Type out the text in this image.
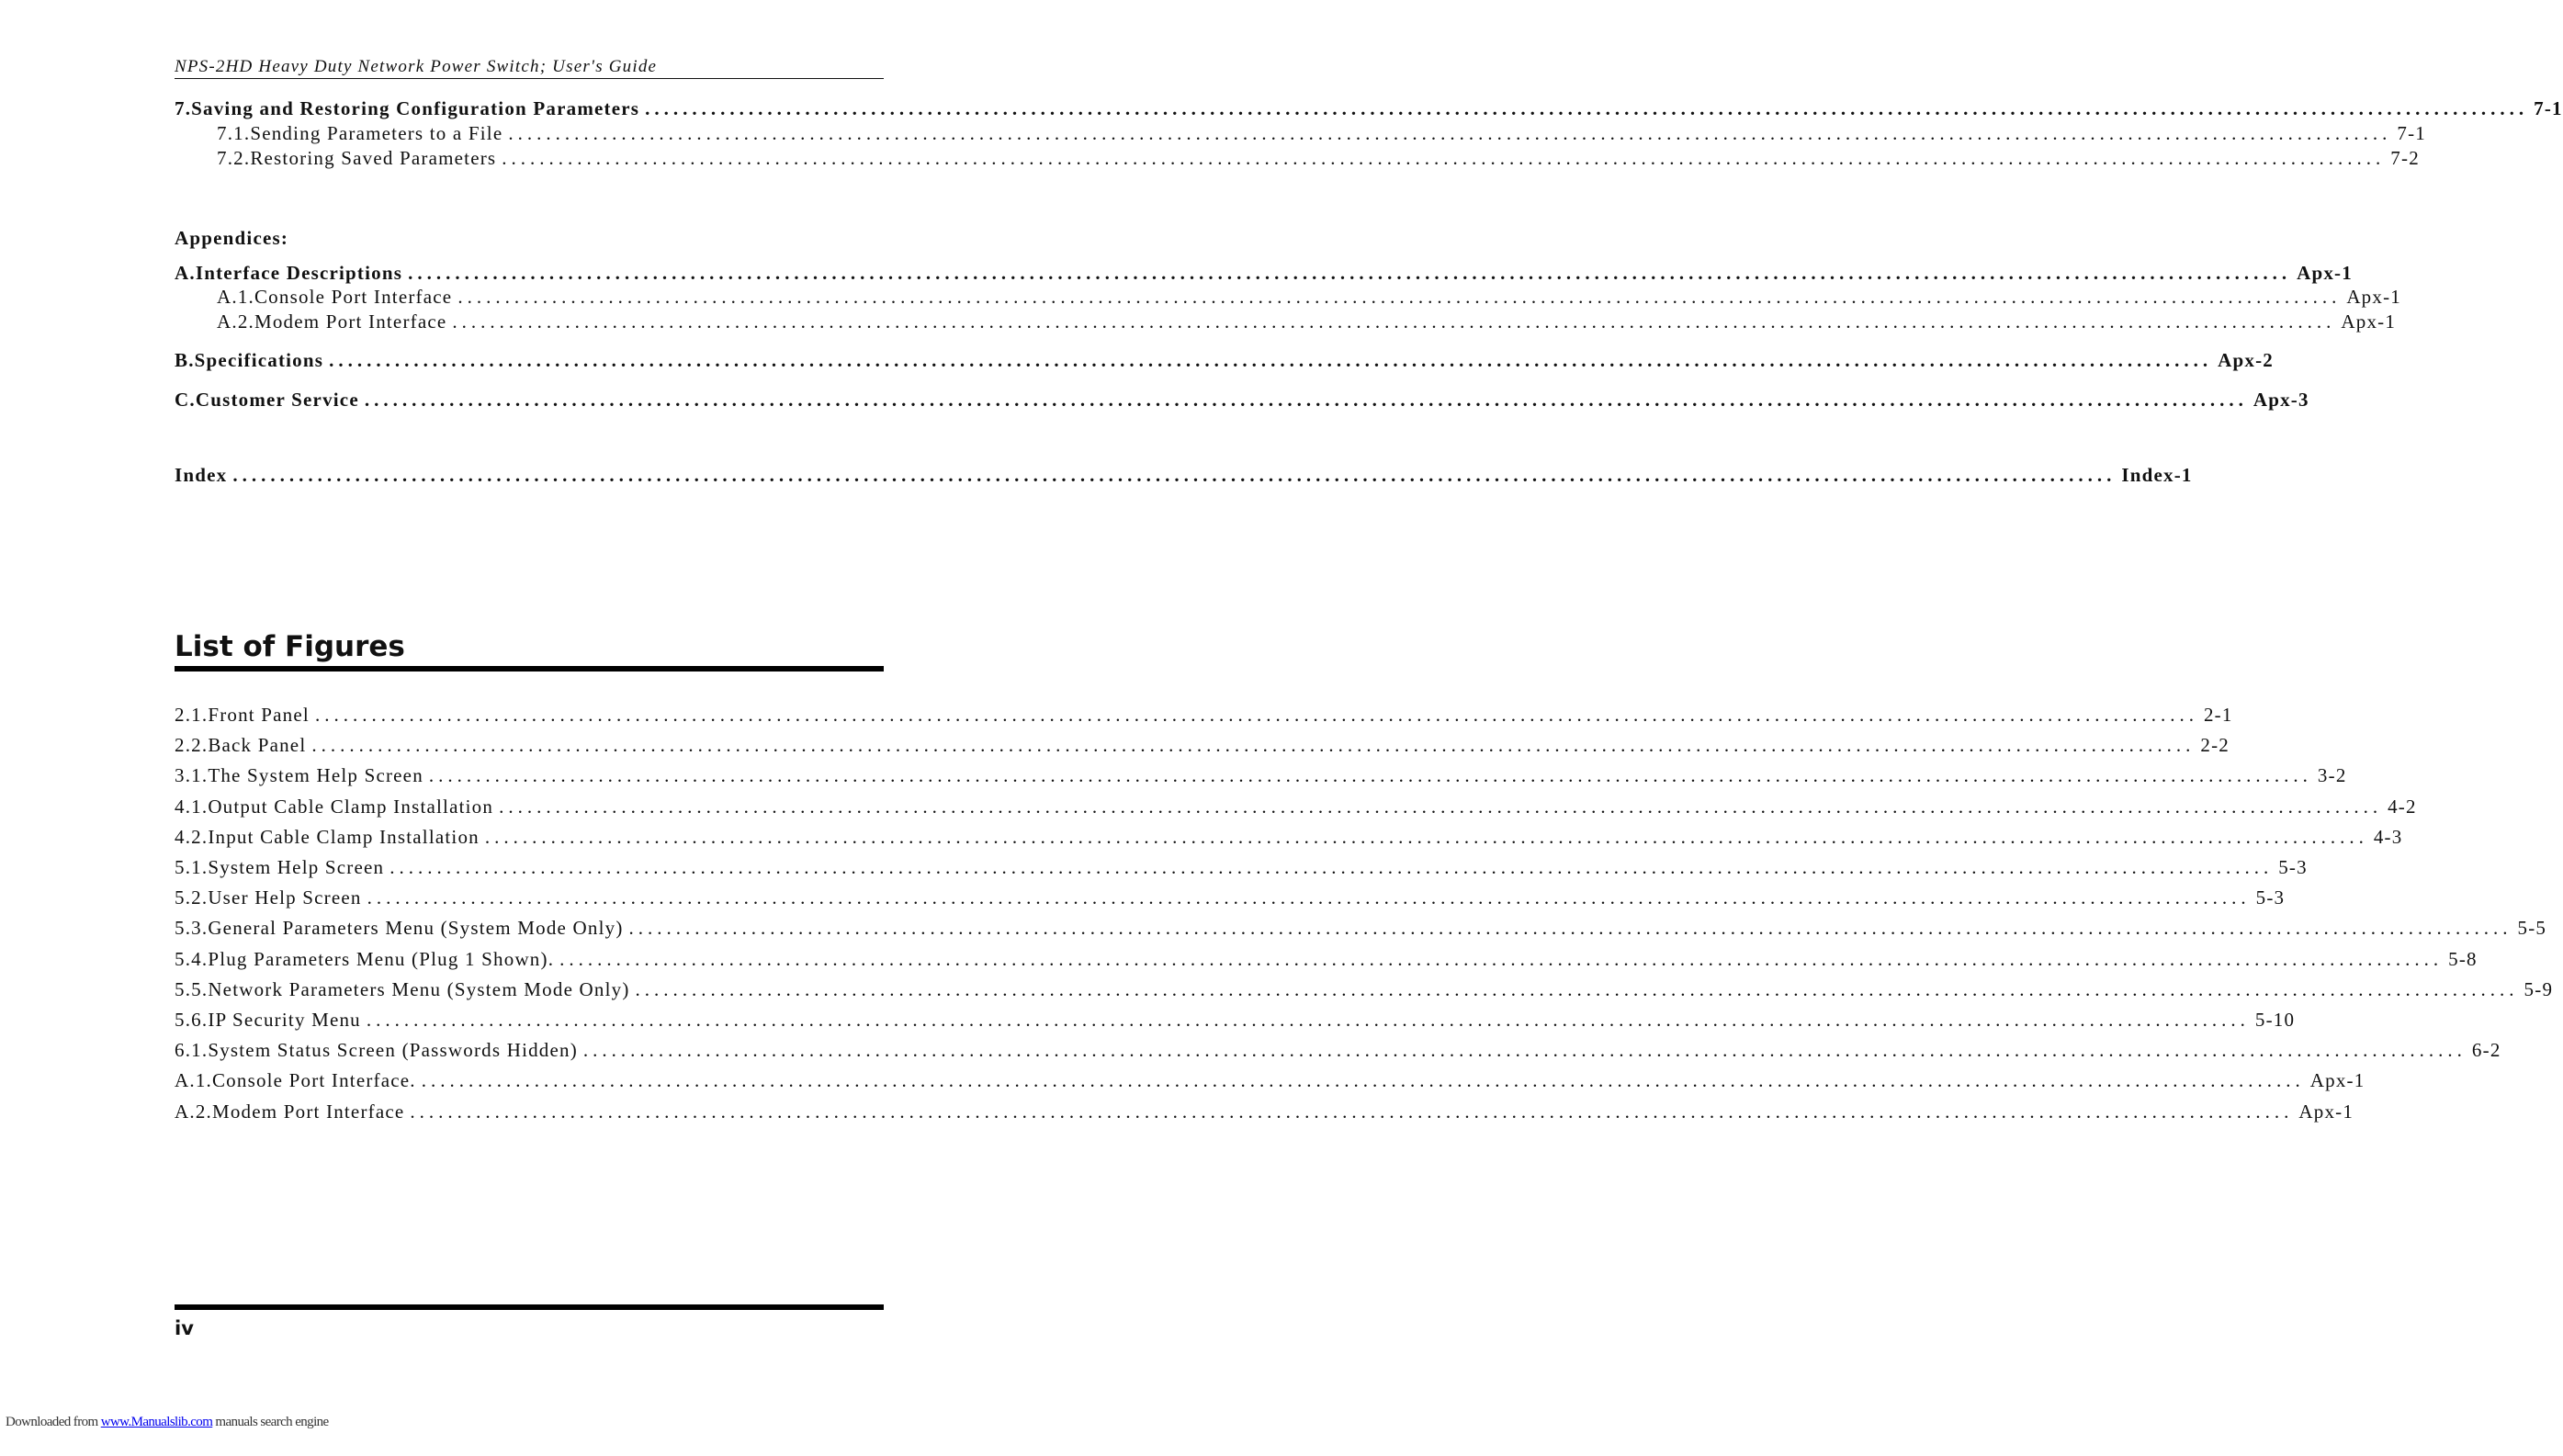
NPS-2HD Heavy Duty Network Power Switch; User's Guide
7. Saving and Restoring Configuration Parameters ........................................................................................................................................................................................................ 7-1
7.1. Sending Parameters to a File ........................................................................................................................................................................................................ 7-1
7.2. Restoring Saved Parameters ........................................................................................................................................................................................................ 7-2
Appendices:
A. Interface Descriptions ........................................................................................................................................................................................................ Apx-1
A.1. Console Port Interface ........................................................................................................................................................................................................ Apx-1
A.2. Modem Port Interface ........................................................................................................................................................................................................ Apx-1
B. Specifications ........................................................................................................................................................................................................ Apx-2
C. Customer Service ........................................................................................................................................................................................................ Apx-3
Index ........................................................................................................................................................................................................ Index-1
List of Figures
2.1. Front Panel ........................................................................................................................................................................................................ 2-1
2.2. Back Panel ........................................................................................................................................................................................................ 2-2
3.1. The System Help Screen ........................................................................................................................................................................................................ 3-2
4.1. Output Cable Clamp Installation ........................................................................................................................................................................................................ 4-2
4.2. Input Cable Clamp Installation ........................................................................................................................................................................................................ 4-3
5.1. System Help Screen ........................................................................................................................................................................................................ 5-3
5.2. User Help Screen ........................................................................................................................................................................................................ 5-3
5.3. General Parameters Menu (System Mode Only) ........................................................................................................................................................................................................ 5-5
5.4. Plug Parameters Menu (Plug 1 Shown). ........................................................................................................................................................................................................ 5-8
5.5. Network Parameters Menu (System Mode Only) ........................................................................................................................................................................................................ 5-9
5.6. IP Security Menu ........................................................................................................................................................................................................ 5-10
6.1. System Status Screen (Passwords Hidden) ........................................................................................................................................................................................................ 6-2
A.1. Console Port Interface. ........................................................................................................................................................................................................ Apx-1
A.2. Modem Port Interface ........................................................................................................................................................................................................ Apx-1
iv
Downloaded from www.Manualslib.com manuals search engine
